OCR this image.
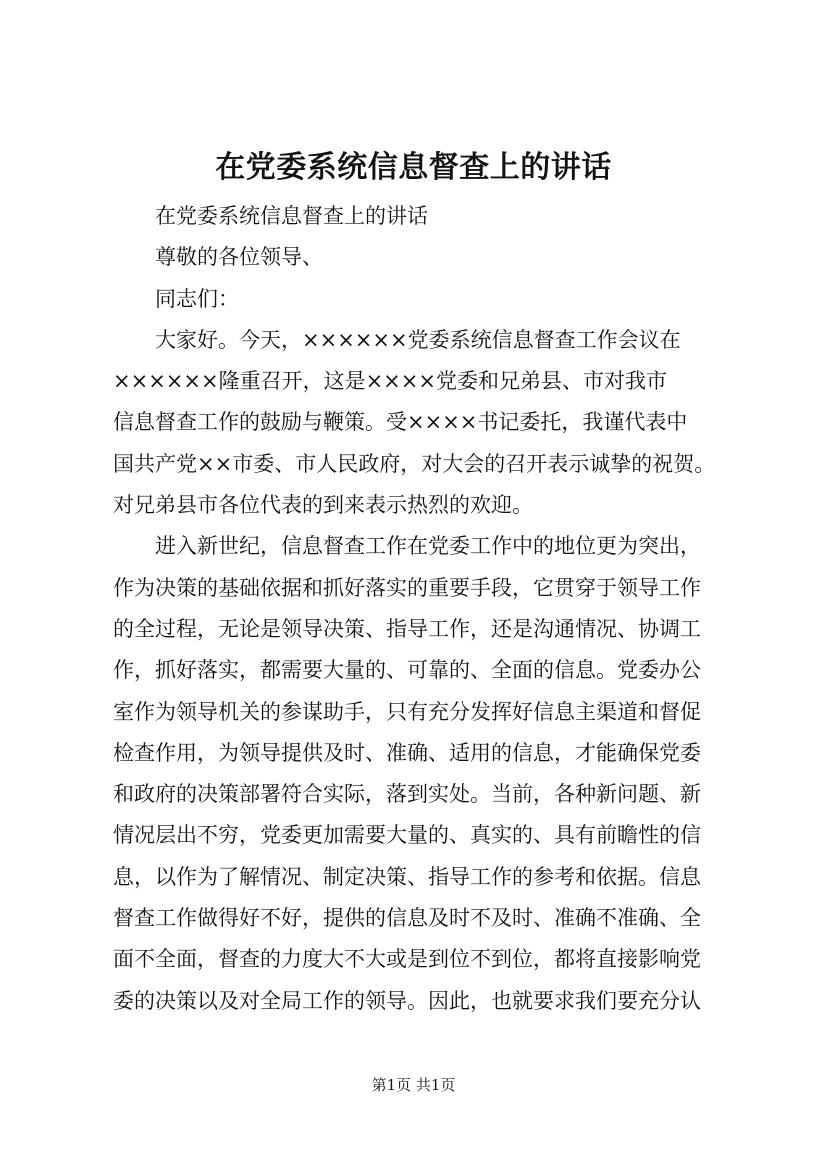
在党委系统信息督查上的讲话
在党委系统信息督查上的讲话
尊敬的各位领导、
同志们：
大家好。今天，××××××党委系统信息督查工作会议在
××××××隆重召开，这是××××党委和兄弟县、市对我市
信息督查工作的鼓励与鞭策。受××××书记委托，我谨代表中
国共产党××市委、市人民政府，对大会的召开表示诚挚的祝贺。
对兄弟县市各位代表的到来表示热烈的欢迎。
进入新世纪，信息督查工作在党委工作中的地位更为突出，
作为决策的基础依据和抓好落实的重要手段，它贯穿于领导工作
的全过程，无论是领导决策、指导工作，还是沟通情况、协调工
作，抓好落实，都需要大量的、可靠的、全面的信息。党委办公
室作为领导机关的参谋助手，只有充分发挥好信息主渠道和督促
检查作用，为领导提供及时、准确、适用的信息，才能确保党委
和政府的决策部署符合实际，落到实处。当前，各种新问题、新
情况层出不穷，党委更加需要大量的、真实的、具有前瞻性的信
息，以作为了解情况、制定决策、指导工作的参考和依据。信息
督查工作做得好不好，提供的信息及时不及时、准确不准确、全
面不全面，督查的力度大不大或是到位不到位，都将直接影响党
委的决策以及对全局工作的领导。因此，也就要求我们要充分认
第1页 共1页
